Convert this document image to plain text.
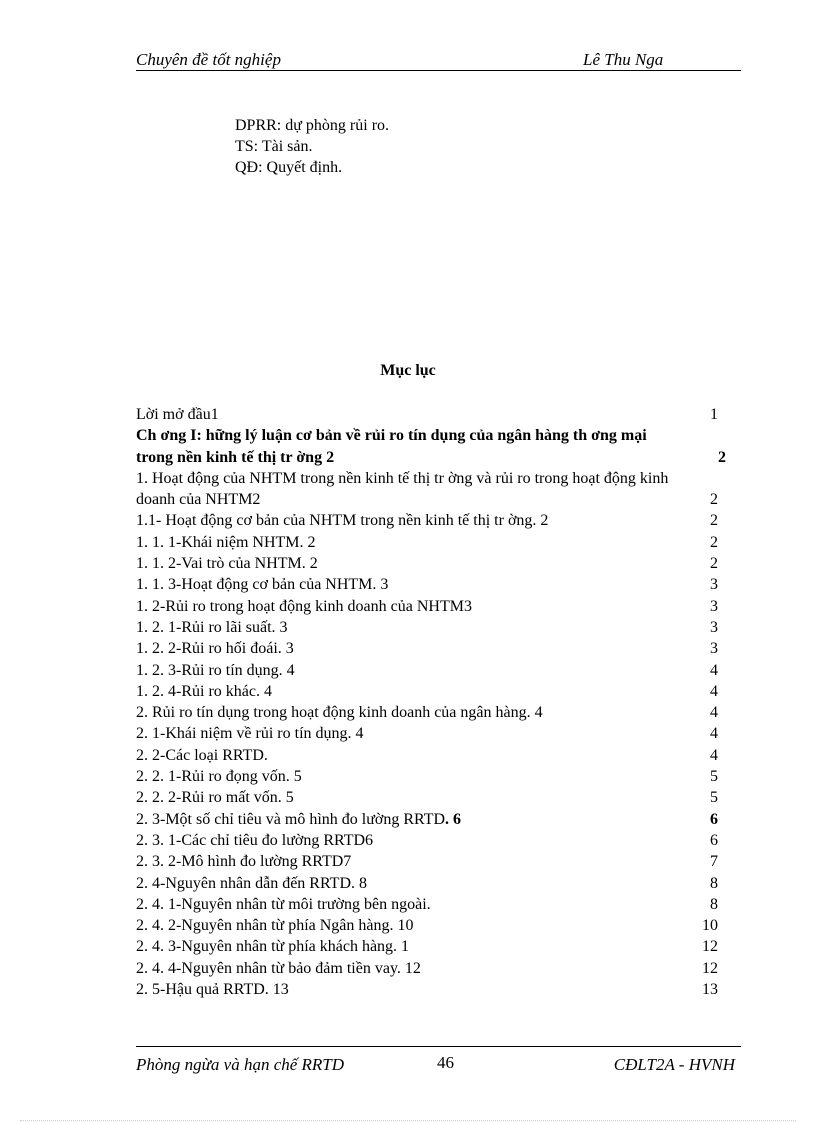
Chuyên đề tốt nghiệp	Lê Thu Nga
DPRR: dự phòng rủi ro.
TS: Tài sản.
QĐ: Quyết định.
Mục lục
Lời mở đầu1	1
Ch ơng I: hững lý luận cơ bản về rủi ro tín dụng của ngân hàng th ơng mại trong nền kinh tế thị tr ờng 2	2
1. Hoạt động của NHTM trong nền kinh tế thị tr ờng và rủi ro trong hoạt động kinh doanh của NHTM2	2
1.1- Hoạt động cơ bản của NHTM trong nền kinh tế thị tr ờng. 2	2
1. 1. 1-Khái niệm NHTM. 2	2
1. 1. 2-Vai trò của NHTM. 2	2
1. 1. 3-Hoạt động cơ bản của NHTM. 3	3
1. 2-Rủi ro trong hoạt động kinh doanh của NHTM3	3
1. 2. 1-Rủi ro lãi suất. 3	3
1. 2. 2-Rủi ro hối đoái. 3	3
1. 2. 3-Rủi ro tín dụng. 4	4
1. 2. 4-Rủi ro khác. 4	4
2. Rủi ro tín dụng trong hoạt động kinh doanh của ngân hàng. 4	4
2. 1-Khái niệm về rủi ro tín dụng. 4	4
2. 2-Các loại RRTD.	4
2. 2. 1-Rủi ro đọng vốn. 5	5
2. 2. 2-Rủi ro mất vốn. 5	5
2. 3-Một số chỉ tiêu và mô hình đo lường RRTD. 6	6
2. 3. 1-Các chỉ tiêu đo lường RRTD6	6
2. 3. 2-Mô hình đo lường RRTD7	7
2. 4-Nguyên nhân dẫn đến RRTD. 8	8
2. 4. 1-Nguyên nhân từ môi trường bên ngoài.	8
2. 4. 2-Nguyên nhân từ phía Ngân hàng. 10	10
2. 4. 3-Nguyên nhân từ phía khách hàng. 1	12
2. 4. 4-Nguyên nhân từ bảo đảm tiền vay. 12	12
2. 5-Hậu quả RRTD. 13	13
Phòng ngừa và hạn chế RRTD	46	CĐLT2A - HVNH
